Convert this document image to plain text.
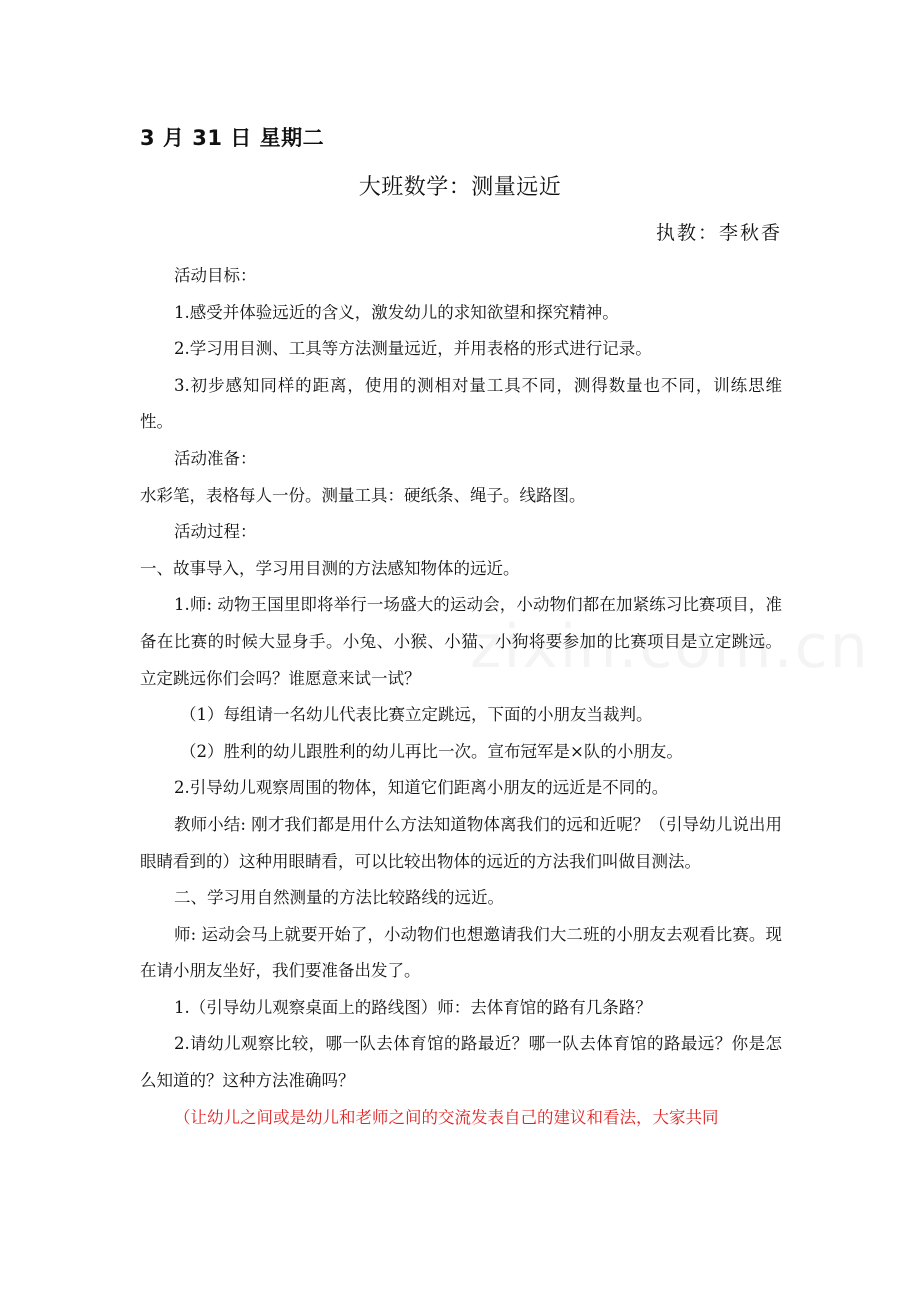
3 月 31 日 星期二
大班数学：测量远近
执教：李秋香

活动目标：

1.感受并体验远近的含义，激发幼儿的求知欲望和探究精神。

2.学习用目测、工具等方法测量远近，并用表格的形式进行记录。

3.初步感知同样的距离，使用的测相对量工具不同，测得数量也不同，训练思维性。

活动准备：

水彩笔，表格每人一份。测量工具：硬纸条、绳子。线路图。

活动过程：

一、故事导入，学习用目测的方法感知物体的远近。

1.师: 动物王国里即将举行一场盛大的运动会，小动物们都在加紧练习比赛项目，准备在比赛的时候大显身手。小兔、小猴、小猫、小狗将要参加的比赛项目是立定跳远。立定跳远你们会吗？谁愿意来试一试？

（1）每组请一名幼儿代表比赛立定跳远，下面的小朋友当裁判。

（2）胜利的幼儿跟胜利的幼儿再比一次。宣布冠军是×队的小朋友。

2.引导幼儿观察周围的物体，知道它们距离小朋友的远近是不同的。

教师小结: 刚才我们都是用什么方法知道物体离我们的远和近呢？（引导幼儿说出用眼睛看到的）这种用眼睛看，可以比较出物体的远近的方法我们叫做目测法。

二、学习用自然测量的方法比较路线的远近。

师: 运动会马上就要开始了，小动物们也想邀请我们大二班的小朋友去观看比赛。现在请小朋友坐好，我们要准备出发了。

1.（引导幼儿观察桌面上的路线图）师：去体育馆的路有几条路？

2.请幼儿观察比较，哪一队去体育馆的路最近？哪一队去体育馆的路最远？你是怎么知道的？这种方法准确吗？

（让幼儿之间或是幼儿和老师之间的交流发表自己的建议和看法，大家共同
